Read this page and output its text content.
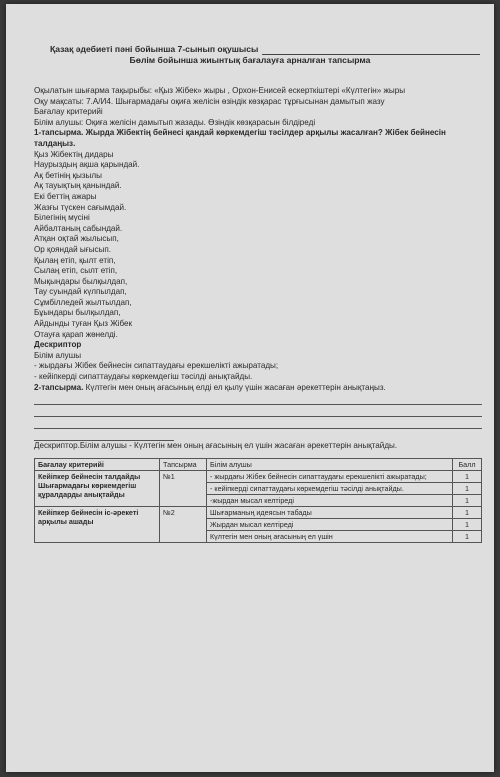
Қазақ әдебиеті пәні бойынша 7-сынып оқушысы
Бөлім бойынша жиынтық бағалауға арналған тапсырма

Оқылатын шығарма тақырыбы: «Қыз Жібек» жыры , Орхон-Енисей ескерткіштері «Күлтегін» жыры

Оқу мақсаты: 7.А/И4. Шығармадағы оқиға желісін өзіндік көзқарас тұрғысынан дамытып жазу

Бағалау критерийі

Білім алушы: Оқиға желісін дамытып жазады. Өзіндік көзқарасын білдіреді

1-тапсырма. Жырда Жібектің бейнесі қандай көркемдегіш тәсілдер арқылы жасалған? Жібек бейнесін талдаңыз.

Қыз Жібектің дидары

Наурыздың ақша қарындай.

Ақ бетінің қызылы

Ақ тауықтың қанындай.

Екі беттің ажары

Жазғы түскен сағымдай.

Білегінің мүсіні

Айбалтаның сабындай.

Атқан оқтай жылысып,

Ор қояндай ығысып.

Қылаң етіп, қылт етіп,

Сылаң етіп, сылт етіп,

Мықындары былқылдап,

Тау суындай күлпылдап,

Сұмбілледей жылтылдап,

Бұындары былқылдап,

Айдынды туған Қыз Жібек

Отауға қарап жөнелді.

Дескриптор

Білім алушы

- жырдағы Жібек бейнесін сипаттаудағы ерекшелікті ажыратады;

- кейіпкерді сипаттаудағы көркемдегіш тәсілді анықтайды.

2-тапсырма. Күлтегін мен оның ағасының елді ел қылу үшін жасаған әрекеттерін анықтаңыз.

Дескриптор.Білім алушы - Күлтегін мен оның ағасының ел үшін жасаған әрекеттерін анықтайды.

Бағалау критерийі	Тапсырма	Білім алушы	Балл
Кейіпкер бейнесін талдайды Шығармадағы көркемдегіш құралдарды анықтайды	№1	- жырдағы Жібек бейнесін сипаттаудағы ерекшелікті ажыратады;	1
		- кейіпкерді сипаттаудағы көркемдегіш тәсілді анықтайды.	1
		-жырдан мысал келтіреді	1
Кейіпкер бейнесін іс-әрекеті арқылы ашады	№2	Шығарманың идеясын табады	1
		Жырдан мысал келтіреді	1
		Күлтегін мен оның ағасының ел үшін	1
